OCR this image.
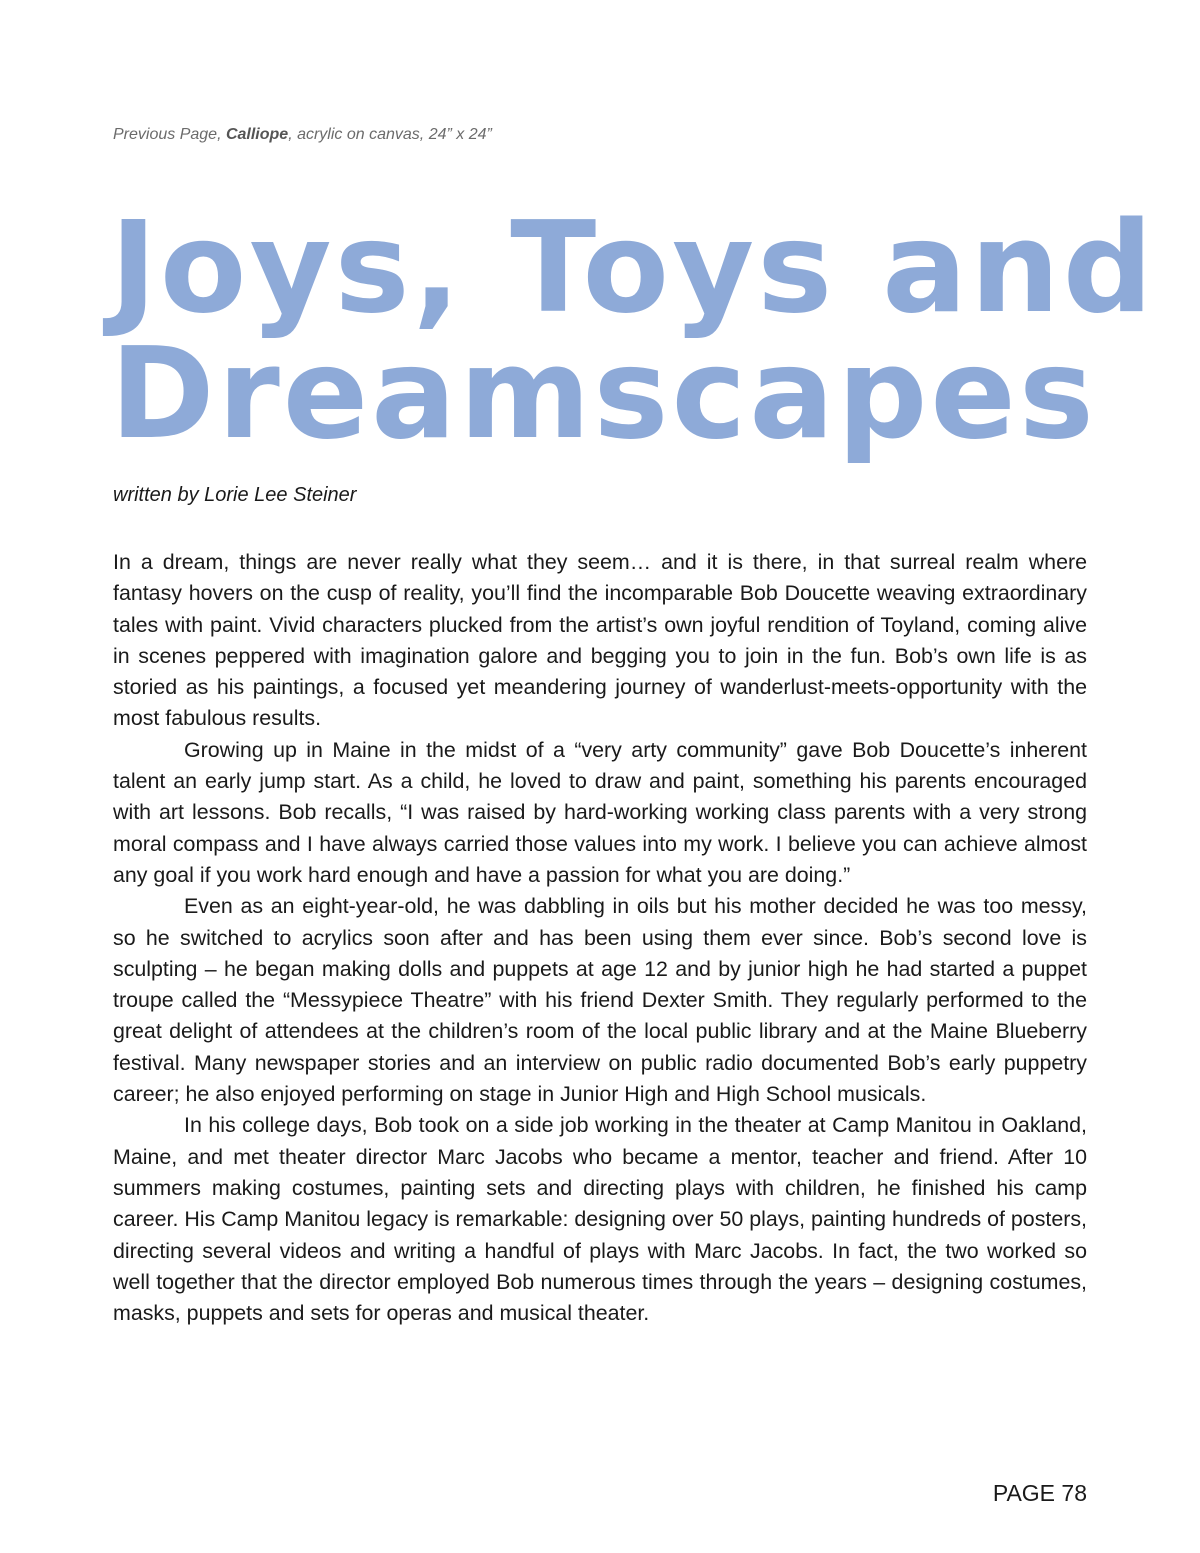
Previous Page, Calliope, acrylic on canvas, 24” x 24”
Joys, Toys and
Dreamscapes
written by Lorie Lee Steiner

In a dream, things are never really what they seem… and it is there, in that surreal realm where fantasy hovers on the cusp of reality, you’ll find the incomparable Bob Doucette weaving extraordinary tales with paint. Vivid characters plucked from the artist’s own joyful rendition of Toyland, coming alive in scenes peppered with imagination galore and begging you to join in the fun. Bob’s own life is as storied as his paintings, a focused yet meandering journey of wanderlust-meets-opportunity with the most fabulous results.

Growing up in Maine in the midst of a “very arty community” gave Bob Doucette’s inherent talent an early jump start. As a child, he loved to draw and paint, something his parents encouraged with art lessons. Bob recalls, “I was raised by hard-working working class parents with a very strong moral compass and I have always carried those values into my work. I believe you can achieve almost any goal if you work hard enough and have a passion for what you are doing.”

Even as an eight-year-old, he was dabbling in oils but his mother decided he was too messy, so he switched to acrylics soon after and has been using them ever since. Bob’s second love is sculpting – he began making dolls and puppets at age 12 and by junior high he had started a puppet troupe called the “Messypiece Theatre” with his friend Dexter Smith. They regularly performed to the great delight of attendees at the children’s room of the local public library and at the Maine Blueberry festival. Many newspaper stories and an interview on public radio documented Bob’s early puppetry career; he also enjoyed performing on stage in Junior High and High School musicals.

In his college days, Bob took on a side job working in the theater at Camp Manitou in Oakland, Maine, and met theater director Marc Jacobs who became a mentor, teacher and friend. After 10 summers making costumes, painting sets and directing plays with children, he finished his camp career. His Camp Manitou legacy is remarkable: designing over 50 plays, painting hundreds of posters, directing several videos and writing a handful of plays with Marc Jacobs. In fact, the two worked so well together that the director employed Bob numerous times through the years – designing costumes, masks, puppets and sets for operas and musical theater.

PAGE 78
